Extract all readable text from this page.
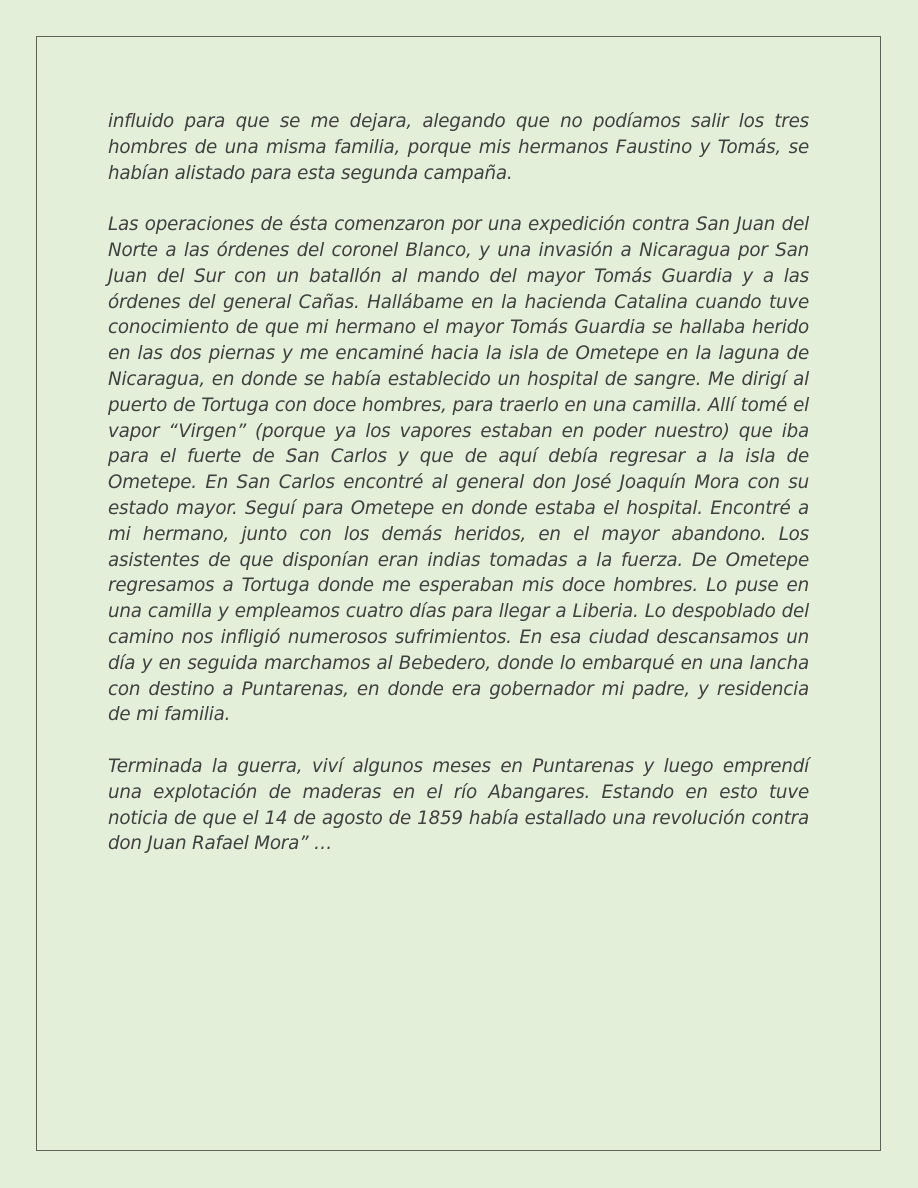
influido para que se me dejara, alegando que no podíamos salir los tres hombres de una misma familia, porque mis hermanos Faustino y Tomás, se habían alistado para esta segunda campaña.

Las operaciones de ésta comenzaron por una expedición contra San Juan del Norte a las órdenes del coronel Blanco, y una invasión a Nicaragua por San Juan del Sur con un batallón al mando del mayor Tomás Guardia y a las órdenes del general Cañas. Hallábame en la hacienda Catalina cuando tuve conocimiento de que mi hermano el mayor Tomás Guardia se hallaba herido en las dos piernas y me encaminé hacia la isla de Ometepe en la laguna de Nicaragua, en donde se había establecido un hospital de sangre. Me dirigí al puerto de Tortuga con doce hombres, para traerlo en una camilla. Allí tomé el vapor “Virgen” (porque ya los vapores estaban en poder nuestro) que iba para el fuerte de San Carlos y que de aquí debía regresar a la isla de Ometepe. En San Carlos encontré al general don José Joaquín Mora con su estado mayor. Seguí para Ometepe en donde estaba el hospital. Encontré a mi hermano, junto con los demás heridos, en el mayor abandono. Los asistentes de que disponían eran indias tomadas a la fuerza. De Ometepe regresamos a Tortuga donde me esperaban mis doce hombres. Lo puse en una camilla y empleamos cuatro días para llegar a Liberia. Lo despoblado del camino nos infligió numerosos sufrimientos. En esa ciudad descansamos un día y en seguida marchamos al Bebedero, donde lo embarqué en una lancha con destino a Puntarenas, en donde era gobernador mi padre, y residencia de mi familia.

Terminada la guerra, viví algunos meses en Puntarenas y luego emprendí una explotación de maderas en el río Abangares. Estando en esto tuve noticia de que el 14 de agosto de 1859 había estallado una revolución contra don Juan Rafael Mora” …
